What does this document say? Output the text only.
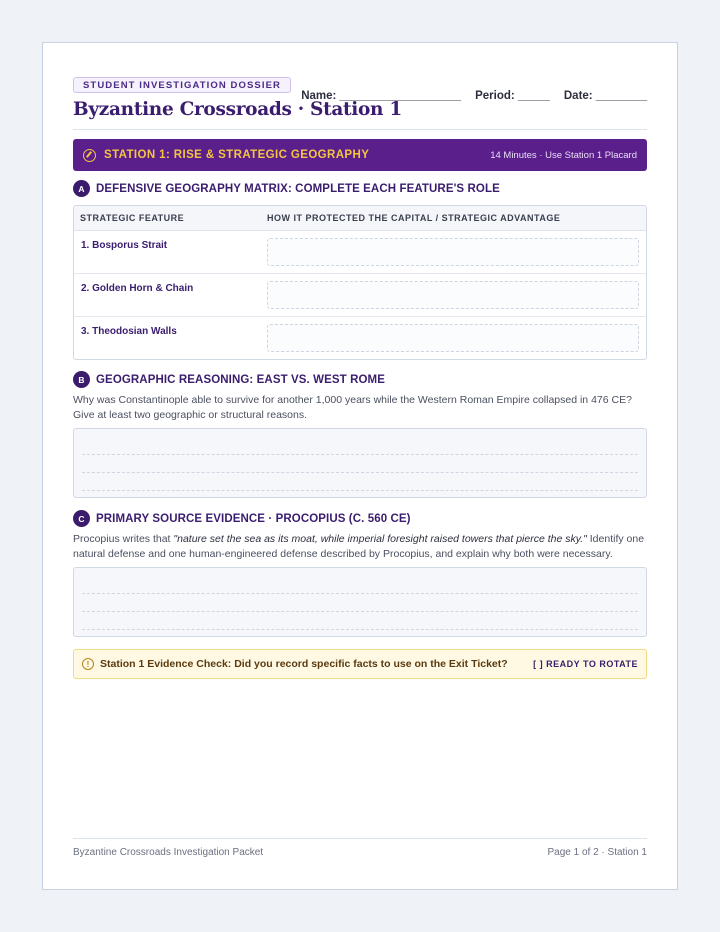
STUDENT INVESTIGATION DOSSIER
Byzantine Crossroads · Station 1
Name: ___________________ Period: _____ Date: ________
STATION 1: RISE & STRATEGIC GEOGRAPHY	14 Minutes · Use Station 1 Placard
A DEFENSIVE GEOGRAPHY MATRIX: COMPLETE EACH FEATURE'S ROLE
STRATEGIC FEATURE	HOW IT PROTECTED THE CAPITAL / STRATEGIC ADVANTAGE
1. Bosporus Strait
2. Golden Horn & Chain
3. Theodosian Walls
B GEOGRAPHIC REASONING: EAST VS. WEST ROME
Why was Constantinople able to survive for another 1,000 years while the Western Roman Empire collapsed in 476 CE? Give at least two geographic or structural reasons.
C PRIMARY SOURCE EVIDENCE · PROCOPIUS (C. 560 CE)
Procopius writes that "nature set the sea as its moat, while imperial foresight raised towers that pierce the sky." Identify one natural defense and one human-engineered defense described by Procopius, and explain why both were necessary.
!	Station 1 Evidence Check: Did you record specific facts to use on the Exit Ticket?	[ ] READY TO ROTATE
Byzantine Crossroads Investigation Packet	Page 1 of 2 · Station 1
